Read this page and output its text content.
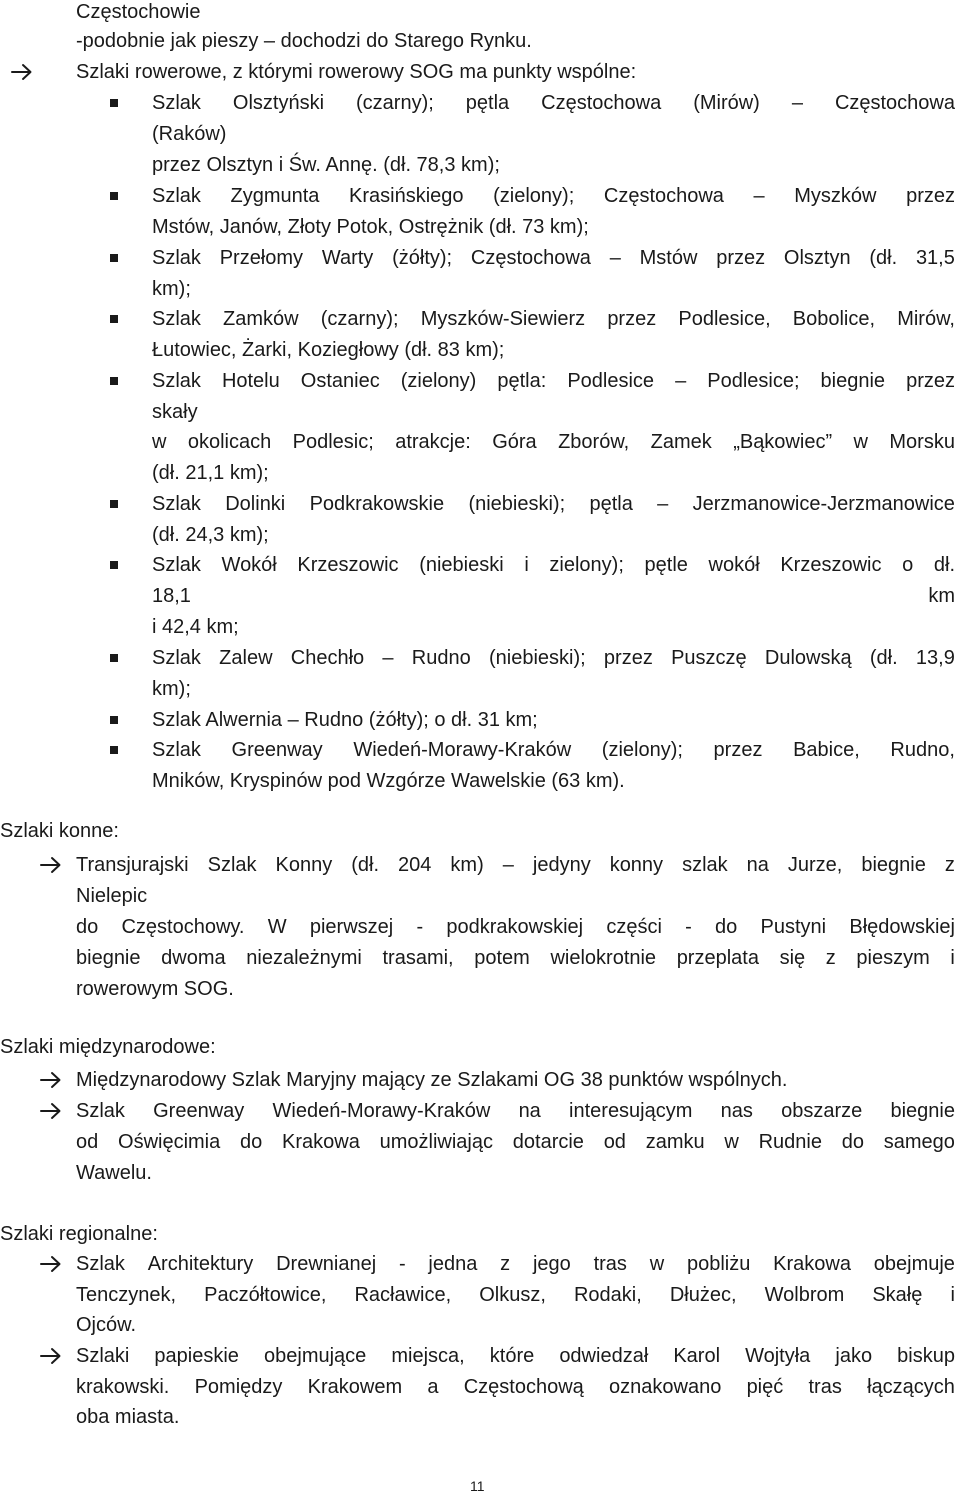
Częstochowie
-podobnie jak pieszy – dochodzi do Starego Rynku.
Szlaki rowerowe, z którymi rowerowy SOG ma punkty wspólne:
Szlak Olsztyński (czarny); pętla Częstochowa (Mirów) – Częstochowa
(Raków)
przez Olsztyn i Św. Annę. (dł. 78,3 km);
Szlak Zygmunta Krasińskiego (zielony); Częstochowa – Myszków przez
Mstów, Janów, Złoty Potok, Ostrężnik (dł. 73 km);
Szlak Przełomy Warty (żółty); Częstochowa – Mstów przez Olsztyn (dł. 31,5
km);
Szlak Zamków (czarny); Myszków-Siewierz przez Podlesice, Bobolice, Mirów,
Łutowiec, Żarki, Koziegłowy (dł. 83 km);
Szlak Hotelu Ostaniec (zielony) pętla: Podlesice – Podlesice; biegnie przez
skały
w okolicach Podlesic; atrakcje: Góra Zborów, Zamek „Bąkowiec” w Morsku
(dł. 21,1 km);
Szlak Dolinki Podkrakowskie (niebieski); pętla – Jerzmanowice-Jerzmanowice
(dł. 24,3 km);
Szlak Wokół Krzeszowic (niebieski i zielony); pętle wokół Krzeszowic o dł.
18,1	km
i 42,4 km;
Szlak Zalew Chechło – Rudno (niebieski); przez Puszczę Dulowską (dł. 13,9
km);
Szlak Alwernia – Rudno (żółty); o dł. 31 km;
Szlak Greenway Wiedeń-Morawy-Kraków (zielony); przez Babice, Rudno,
Mników, Kryspinów pod Wzgórze Wawelskie (63 km).
Szlaki konne:
Transjurajski Szlak Konny (dł. 204 km) – jedyny konny szlak na Jurze, biegnie z
Nielepic
do Częstochowy. W pierwszej - podkrakowskiej części - do Pustyni Błędowskiej
biegnie dwoma niezależnymi trasami, potem wielokrotnie przeplata się z pieszym i
rowerowym SOG.
Szlaki międzynarodowe:
Międzynarodowy Szlak Maryjny mający ze Szlakami OG 38 punktów wspólnych.
Szlak Greenway Wiedeń-Morawy-Kraków na interesującym nas obszarze biegnie
od Oświęcimia do Krakowa umożliwiając dotarcie od zamku w Rudnie do samego
Wawelu.
Szlaki regionalne:
Szlak Architektury Drewnianej - jedna z jego tras w pobliżu Krakowa obejmuje
Tenczynek, Paczółtowice, Racławice, Olkusz, Rodaki, Dłużec, Wolbrom Skałę i
Ojców.
Szlaki papieskie obejmujące miejsca, które odwiedzał Karol Wojtyła jako biskup
krakowski. Pomiędzy Krakowem a Częstochową oznakowano pięć tras łączących
oba miasta.
11
